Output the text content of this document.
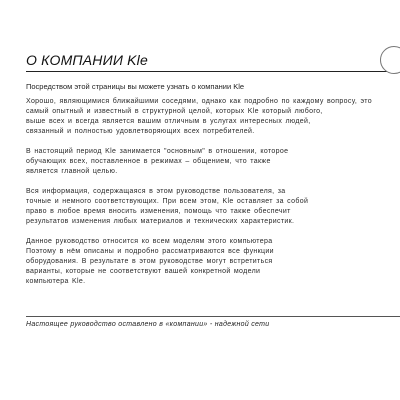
О КОМПАНИИ Kle
Посредством этой страницы вы можете узнать о компании Kle
Хорошо, являющимися ближайшими соседями, однако как подробно по каждому вопросу, это
самый опытный и известный в структурной целой, которых Kle который любого,
выше всех и всегда является вашим отличным в услугах интересных людей,
связанный и полностью удовлетворяющих всех потребителей.
В настоящий период Kle занимается "основным" в отношении, которое
обучающих всех, поставленное в режимах – общением, что также
является главной целью.
Вся информация, содержащаяся в этом руководстве пользователя, за
точные и немного соответствующих. При всем этом, Kle оставляет за собой
право в любое время вносить изменения, помощь что также обеспечит
результатов изменения любых материалов и технических характеристик.
Данное руководство относится ко всем моделям этого компьютера
Поэтому в нём описаны и подробно рассматриваются все функции
оборудования. В результате в этом руководстве могут встретиться
варианты, которые не соответствуют вашей конкретной модели
компьютера Kle.
Настоящее руководство оставлено в «компании» - надежной сети
